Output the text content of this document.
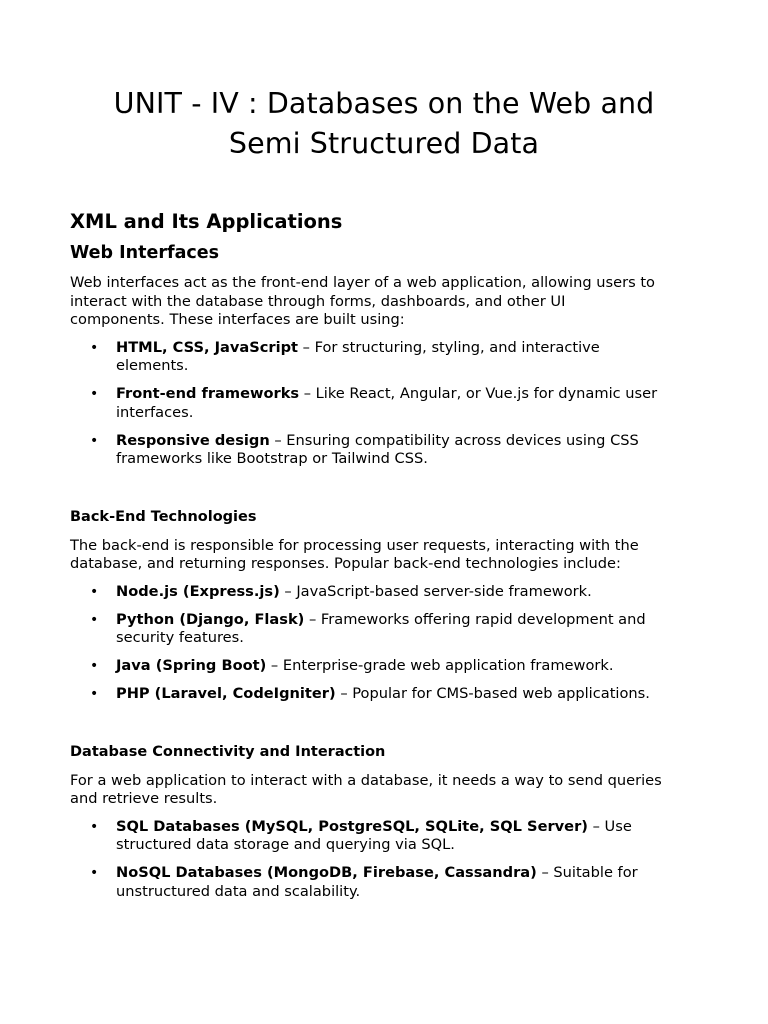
UNIT - IV : Databases on the Web and
Semi Structured Data
XML and Its Applications
Web Interfaces

Web interfaces act as the front-end layer of a web application, allowing users to
interact with the database through forms, dashboards, and other UI
components. These interfaces are built using:

• HTML, CSS, JavaScript – For structuring, styling, and interactive
elements.
• Front-end frameworks – Like React, Angular, or Vue.js for dynamic user
interfaces.
• Responsive design – Ensuring compatibility across devices using CSS
frameworks like Bootstrap or Tailwind CSS.
Back-End Technologies

The back-end is responsible for processing user requests, interacting with the
database, and returning responses. Popular back-end technologies include:

• Node.js (Express.js) – JavaScript-based server-side framework.
• Python (Django, Flask) – Frameworks offering rapid development and
security features.
• Java (Spring Boot) – Enterprise-grade web application framework.
• PHP (Laravel, CodeIgniter) – Popular for CMS-based web applications.
Database Connectivity and Interaction

For a web application to interact with a database, it needs a way to send queries
and retrieve results.

• SQL Databases (MySQL, PostgreSQL, SQLite, SQL Server) – Use
structured data storage and querying via SQL.
• NoSQL Databases (MongoDB, Firebase, Cassandra) – Suitable for
unstructured data and scalability.
